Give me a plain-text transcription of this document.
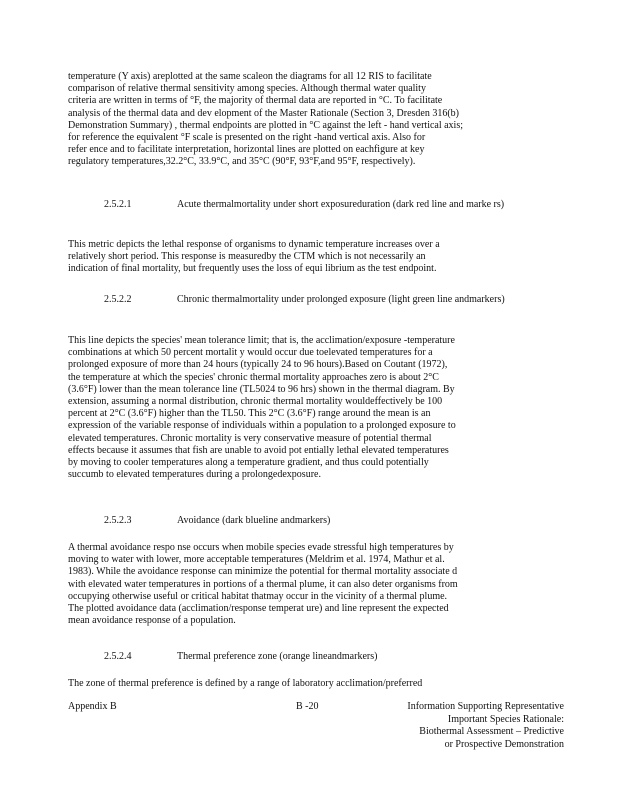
temperature (Y axis) areplotted at the same scaleon the diagrams for all 12 RIS to facilitate
comparison of relative thermal sensitivity among species. Although thermal water quality
criteria are written in terms of °F, the majority of thermal data are reported in °C. To facilitate
analysis of the thermal data and dev elopment of the Master Rationale (Section 3, Dresden 316(b)
Demonstration Summary) , thermal endpoints are plotted in °C against the left - hand vertical axis;
for reference the equivalent °F scale is presented on the right -hand vertical axis. Also for
refer ence and to facilitate interpretation, horizontal lines are plotted on eachfigure at key
regulatory temperatures,32.2°C, 33.9°C, and 35°C (90°F, 93°F,and 95°F, respectively).
2.5.2.1	Acute thermalmortality under short exposureduration (dark red line and marke rs)
This metric depicts the lethal response of organisms to dynamic temperature increases over a
relatively short period. This response is measuredby the CTM which is not necessarily an
indication of final mortality, but frequently uses the loss of equi librium as the test endpoint.
2.5.2.2	Chronic thermalmortality under prolonged exposure (light green line andmarkers)
This line depicts the species' mean tolerance limit; that is, the acclimation/exposure -temperature
combinations at which 50 percent mortalit y would occur due toelevated temperatures for a
prolonged exposure of more than 24 hours (typically 24 to 96 hours).Based on Coutant (1972),
the temperature at which the species' chronic thermal mortality approaches zero is about 2°C
(3.6°F) lower than the mean tolerance line (TL5024 to 96 hrs) shown in the thermal diagram. By
extension, assuming a normal distribution, chronic thermal mortality wouldeffectively be 100
percent at 2°C (3.6°F) higher than the TL50. This 2°C (3.6°F) range around the mean is an
expression of the variable response of individuals within a population to a prolonged exposure to
elevated temperatures. Chronic mortality is very conservative measure of potential thermal
effects because it assumes that fish are unable to avoid pot entially lethal elevated temperatures
by moving to cooler temperatures along a temperature gradient, and thus could potentially
succumb to elevated temperatures during a prolongedexposure.
2.5.2.3	Avoidance (dark blueline andmarkers)
A thermal avoidance respo nse occurs when mobile species evade stressful high temperatures by
moving to water with lower, more acceptable temperatures (Meldrim et al. 1974, Mathur et al.
1983). While the avoidance response can minimize the potential for thermal mortality associate d
with elevated water temperatures in portions of a thermal plume, it can also deter organisms from
occupying otherwise useful or critical habitat thatmay occur in the vicinity of a thermal plume.
The plotted avoidance data (acclimation/response temperat ure) and line represent the expected
mean avoidance response of a population.
2.5.2.4	Thermal preference zone (orange lineandmarkers)
The zone of thermal preference is defined by a range of laboratory acclimation/preferred
Appendix B	B -20	Information Supporting Representative
Important Species Rationale:
Biothermal Assessment – Predictive
or Prospective Demonstration
